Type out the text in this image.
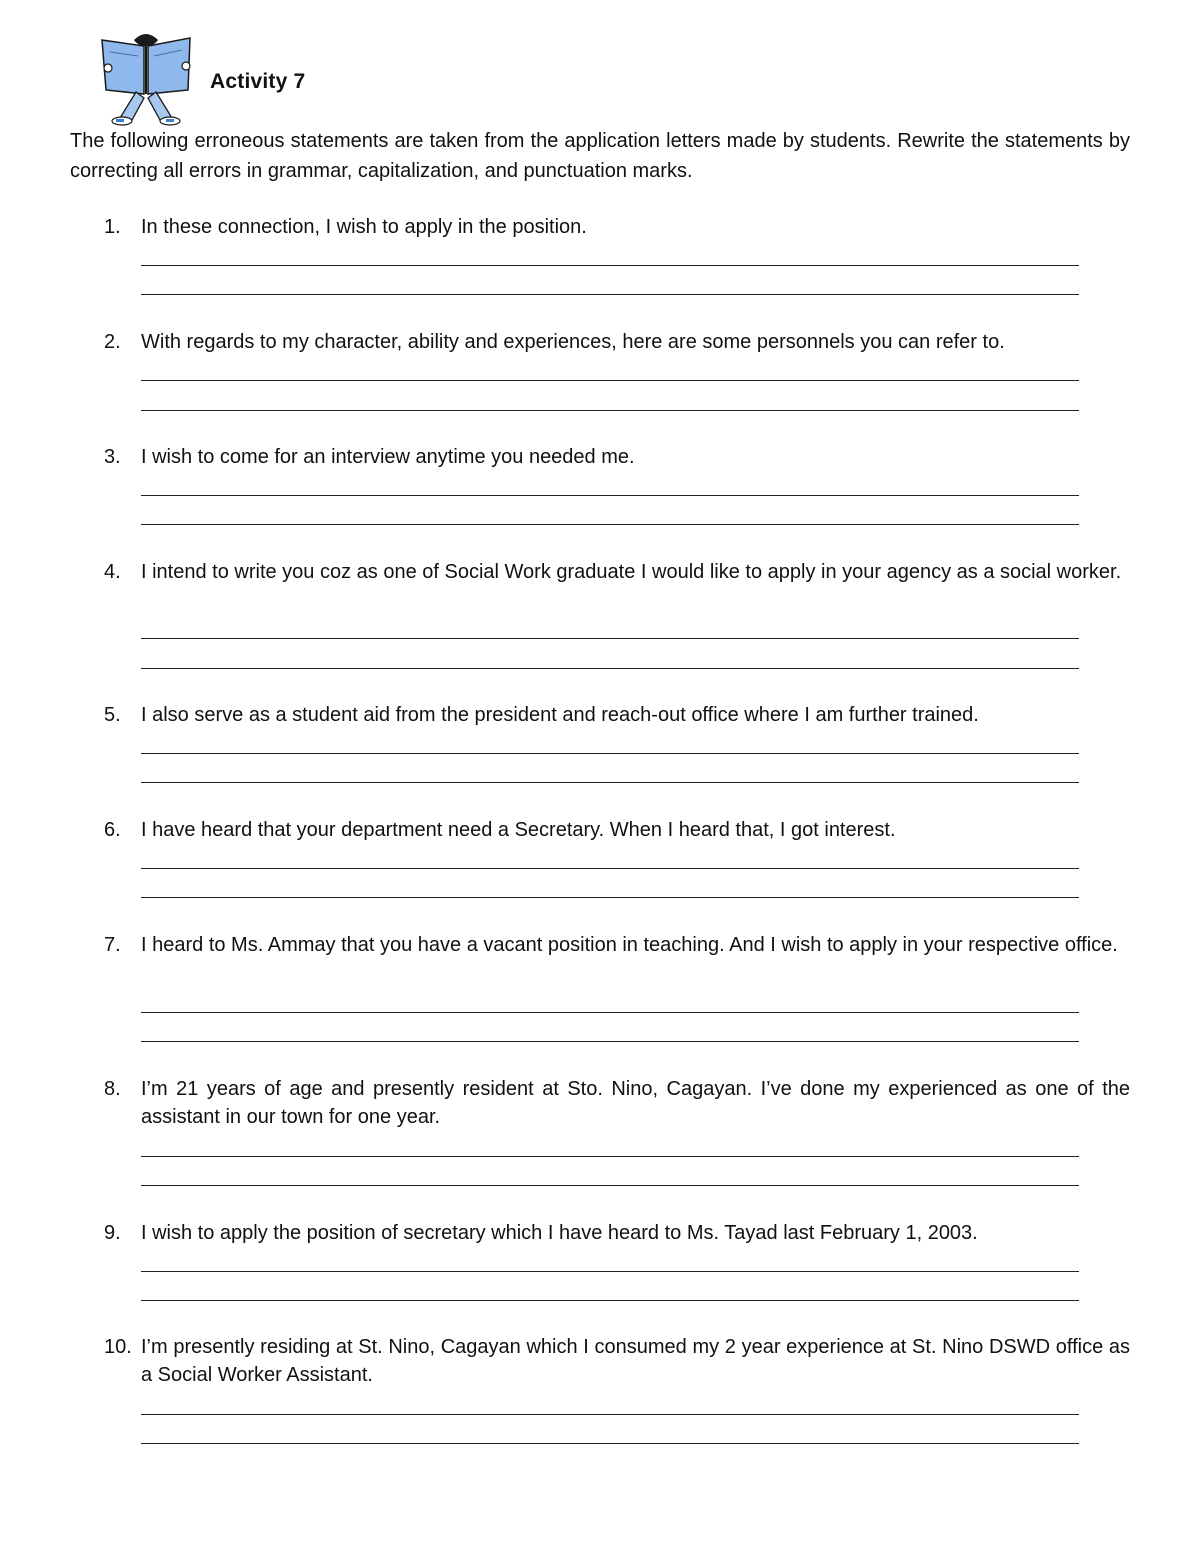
Activity 7
The following erroneous statements are taken from the application letters made by students. Rewrite the statements by correcting all errors in grammar, capitalization, and punctuation marks.
1. In these connection, I wish to apply in the position.
2. With regards to my character, ability and experiences, here are some personnels you can refer to.
3. I wish to come for an interview anytime you needed me.
4. I intend to write you coz as one of Social Work graduate I would like to apply in your agency as a social worker.
5. I also serve as a student aid from the president and reach-out office where I am further trained.
6. I have heard that your department need a Secretary. When I heard that, I got interest.
7. I heard to Ms. Ammay that you have a vacant position in teaching. And I wish to apply in your respective office.
8. I’m 21 years of age and presently resident at Sto. Nino, Cagayan. I’ve done my experienced as one of the assistant in our town for one year.
9. I wish to apply the position of secretary which I have heard to Ms. Tayad last February 1, 2003.
10. I’m presently residing at St. Nino, Cagayan which I consumed my 2 year experience at St. Nino DSWD office as a Social Worker Assistant.
